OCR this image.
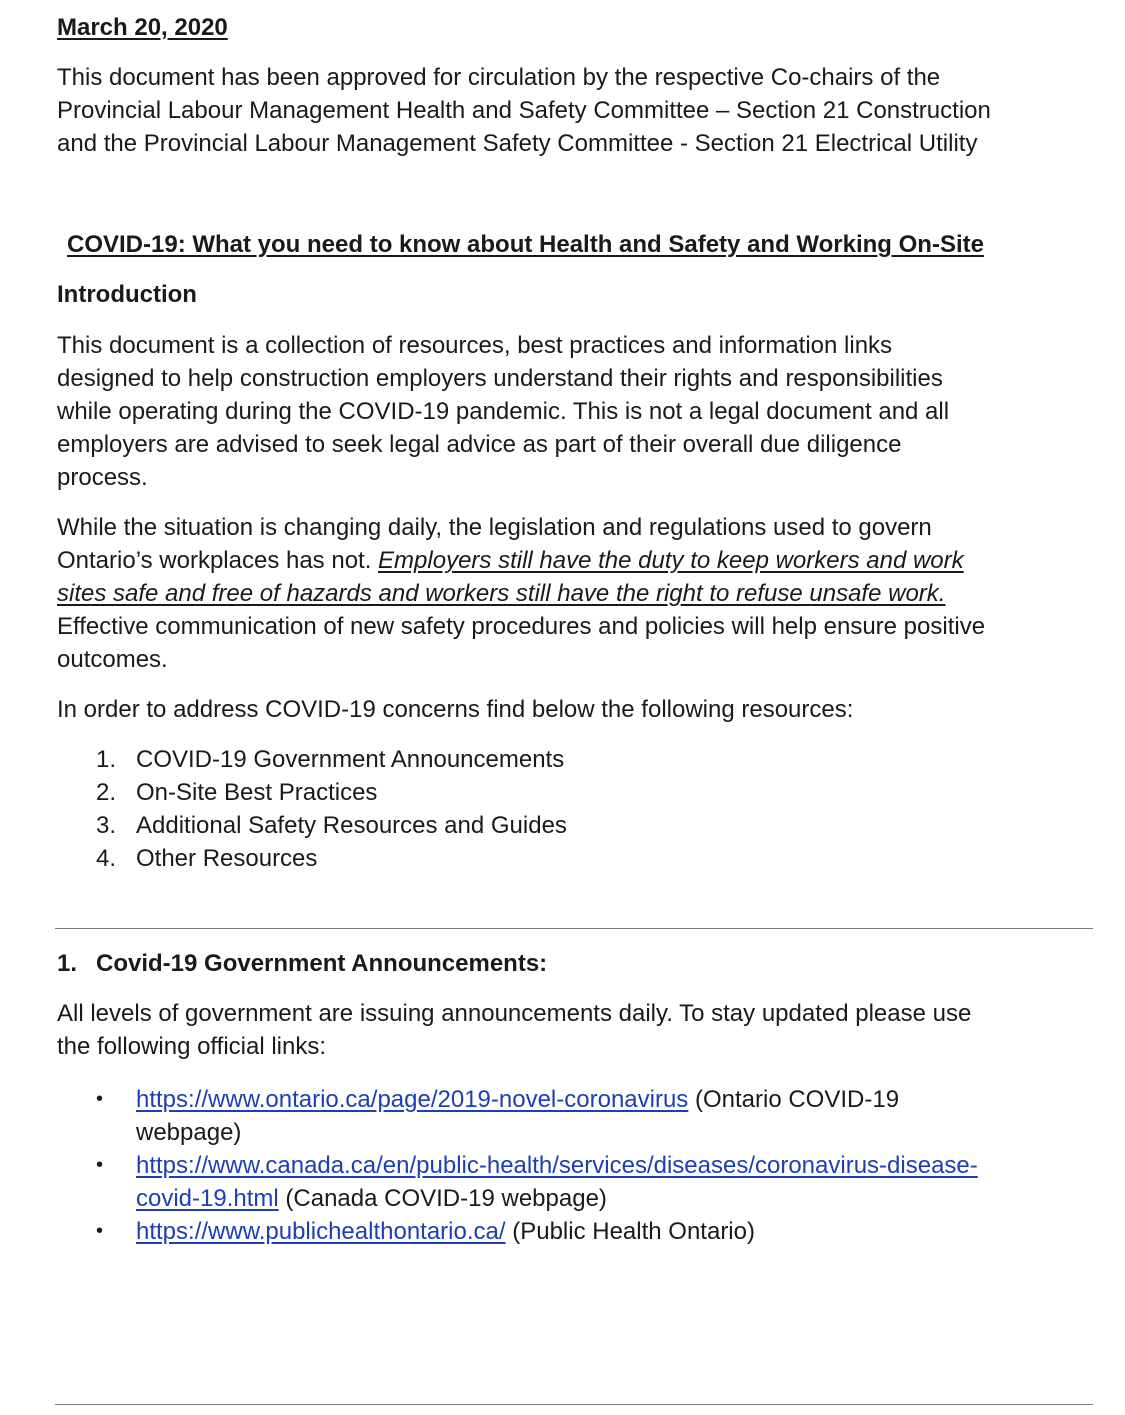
March 20, 2020

This document has been approved for circulation by the respective Co-chairs of the
Provincial Labour Management Health and Safety Committee – Section 21 Construction
and the Provincial Labour Management Safety Committee - Section 21 Electrical Utility

COVID-19: What you need to know about Health and Safety and Working On-Site
Introduction

This document is a collection of resources, best practices and information links
designed to help construction employers understand their rights and responsibilities
while operating during the COVID-19 pandemic. This is not a legal document and all
employers are advised to seek legal advice as part of their overall due diligence
process.

While the situation is changing daily, the legislation and regulations used to govern
Ontario’s workplaces has not. Employers still have the duty to keep workers and work
sites safe and free of hazards and workers still have the right to refuse unsafe work.
Effective communication of new safety procedures and policies will help ensure positive
outcomes.

In order to address COVID-19 concerns find below the following resources:

1. COVID-19 Government Announcements
2. On-Site Best Practices
3. Additional Safety Resources and Guides
4. Other Resources
1. Covid-19 Government Announcements:

All levels of government are issuing announcements daily. To stay updated please use
the following official links:

•	https://www.ontario.ca/page/2019-novel-coronavirus (Ontario COVID-19
webpage)
•	https://www.canada.ca/en/public-health/services/diseases/coronavirus-disease-
covid-19.html (Canada COVID-19 webpage)
•	https://www.publichealthontario.ca/ (Public Health Ontario)
